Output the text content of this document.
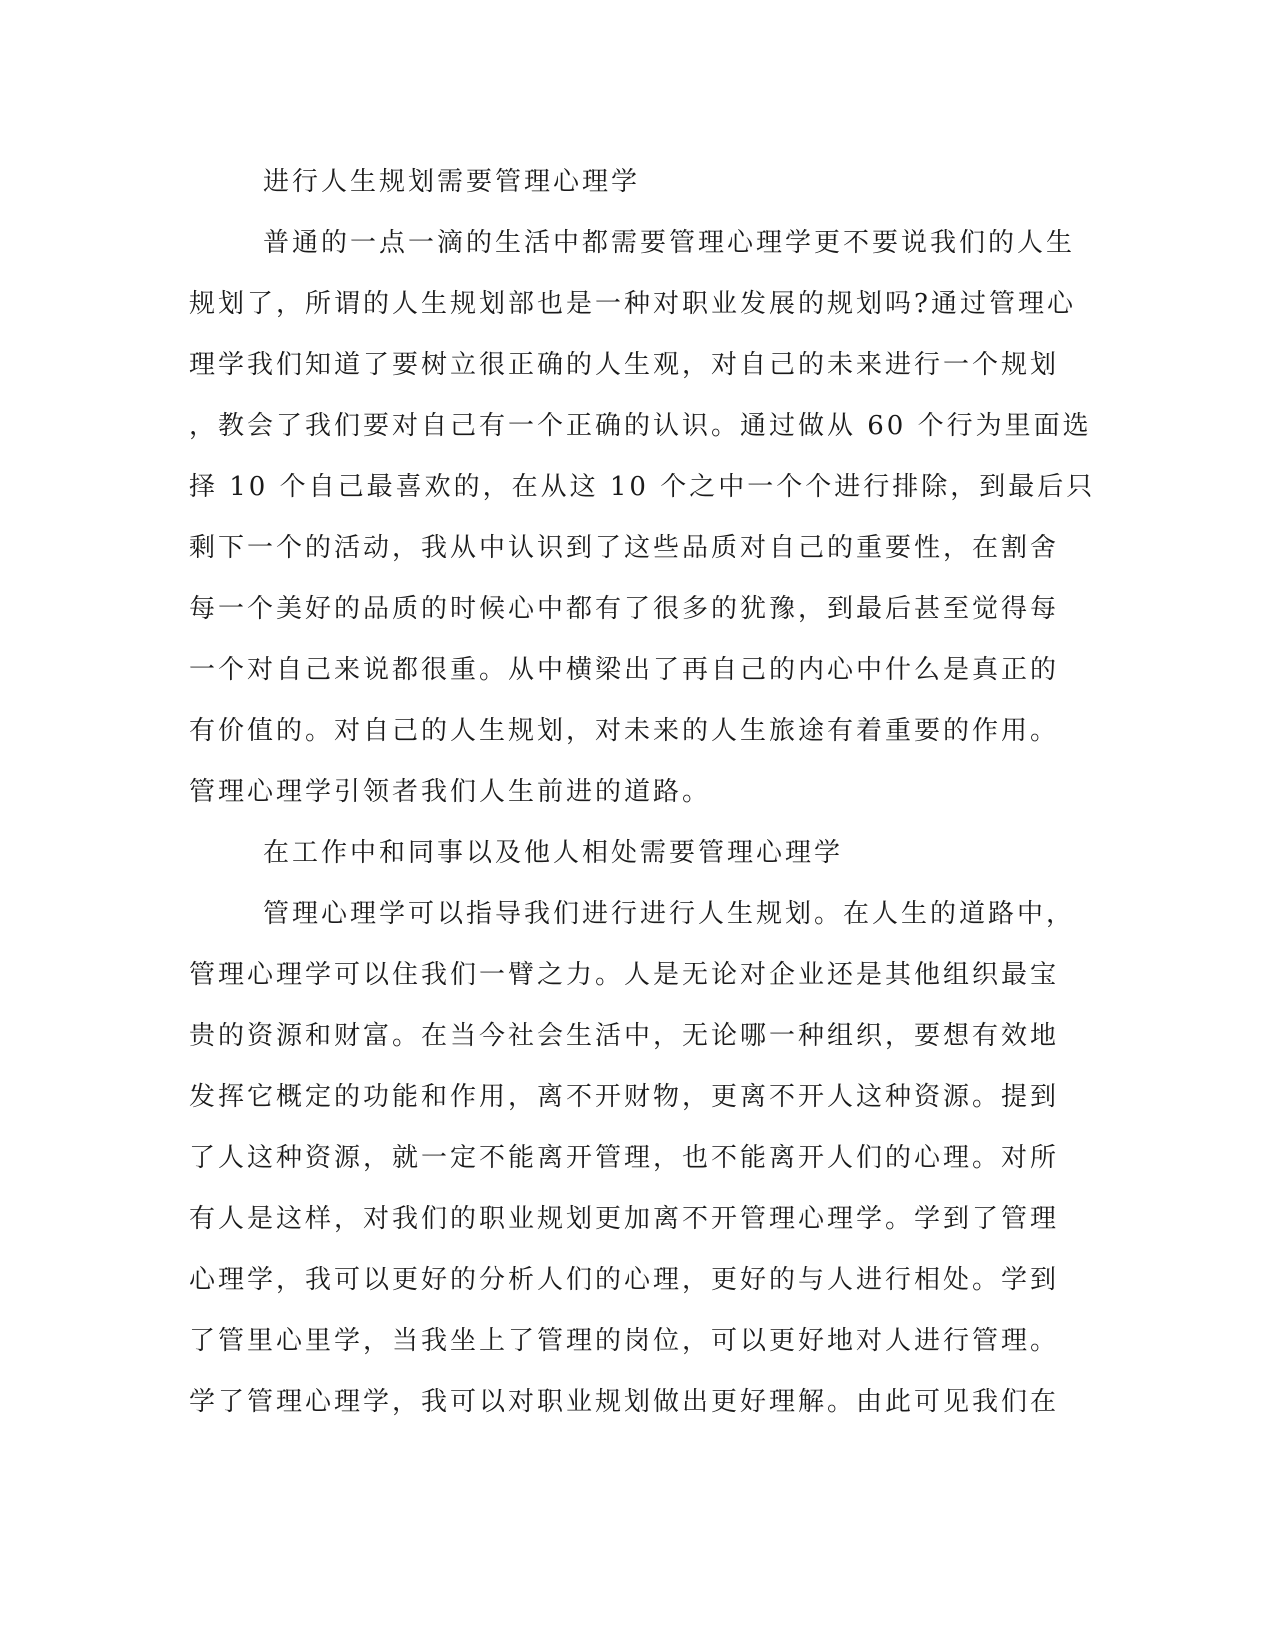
进行人生规划需要管理心理学
普通的一点一滴的生活中都需要管理心理学更不要说我们的人生
规划了，所谓的人生规划部也是一种对职业发展的规划吗?通过管理心
理学我们知道了要树立很正确的人生观，对自己的未来进行一个规划
，教会了我们要对自己有一个正确的认识。通过做从 60 个行为里面选
择 10 个自己最喜欢的，在从这 10 个之中一个个进行排除，到最后只
剩下一个的活动，我从中认识到了这些品质对自己的重要性，在割舍
每一个美好的品质的时候心中都有了很多的犹豫，到最后甚至觉得每
一个对自己来说都很重。从中横梁出了再自己的内心中什么是真正的
有价值的。对自己的人生规划，对未来的人生旅途有着重要的作用。
管理心理学引领者我们人生前进的道路。
在工作中和同事以及他人相处需要管理心理学
管理心理学可以指导我们进行进行人生规划。在人生的道路中，
管理心理学可以住我们一臂之力。人是无论对企业还是其他组织最宝
贵的资源和财富。在当今社会生活中，无论哪一种组织，要想有效地
发挥它概定的功能和作用，离不开财物，更离不开人这种资源。提到
了人这种资源，就一定不能离开管理，也不能离开人们的心理。对所
有人是这样，对我们的职业规划更加离不开管理心理学。学到了管理
心理学，我可以更好的分析人们的心理，更好的与人进行相处。学到
了管里心里学，当我坐上了管理的岗位，可以更好地对人进行管理。
学了管理心理学，我可以对职业规划做出更好理解。由此可见我们在
